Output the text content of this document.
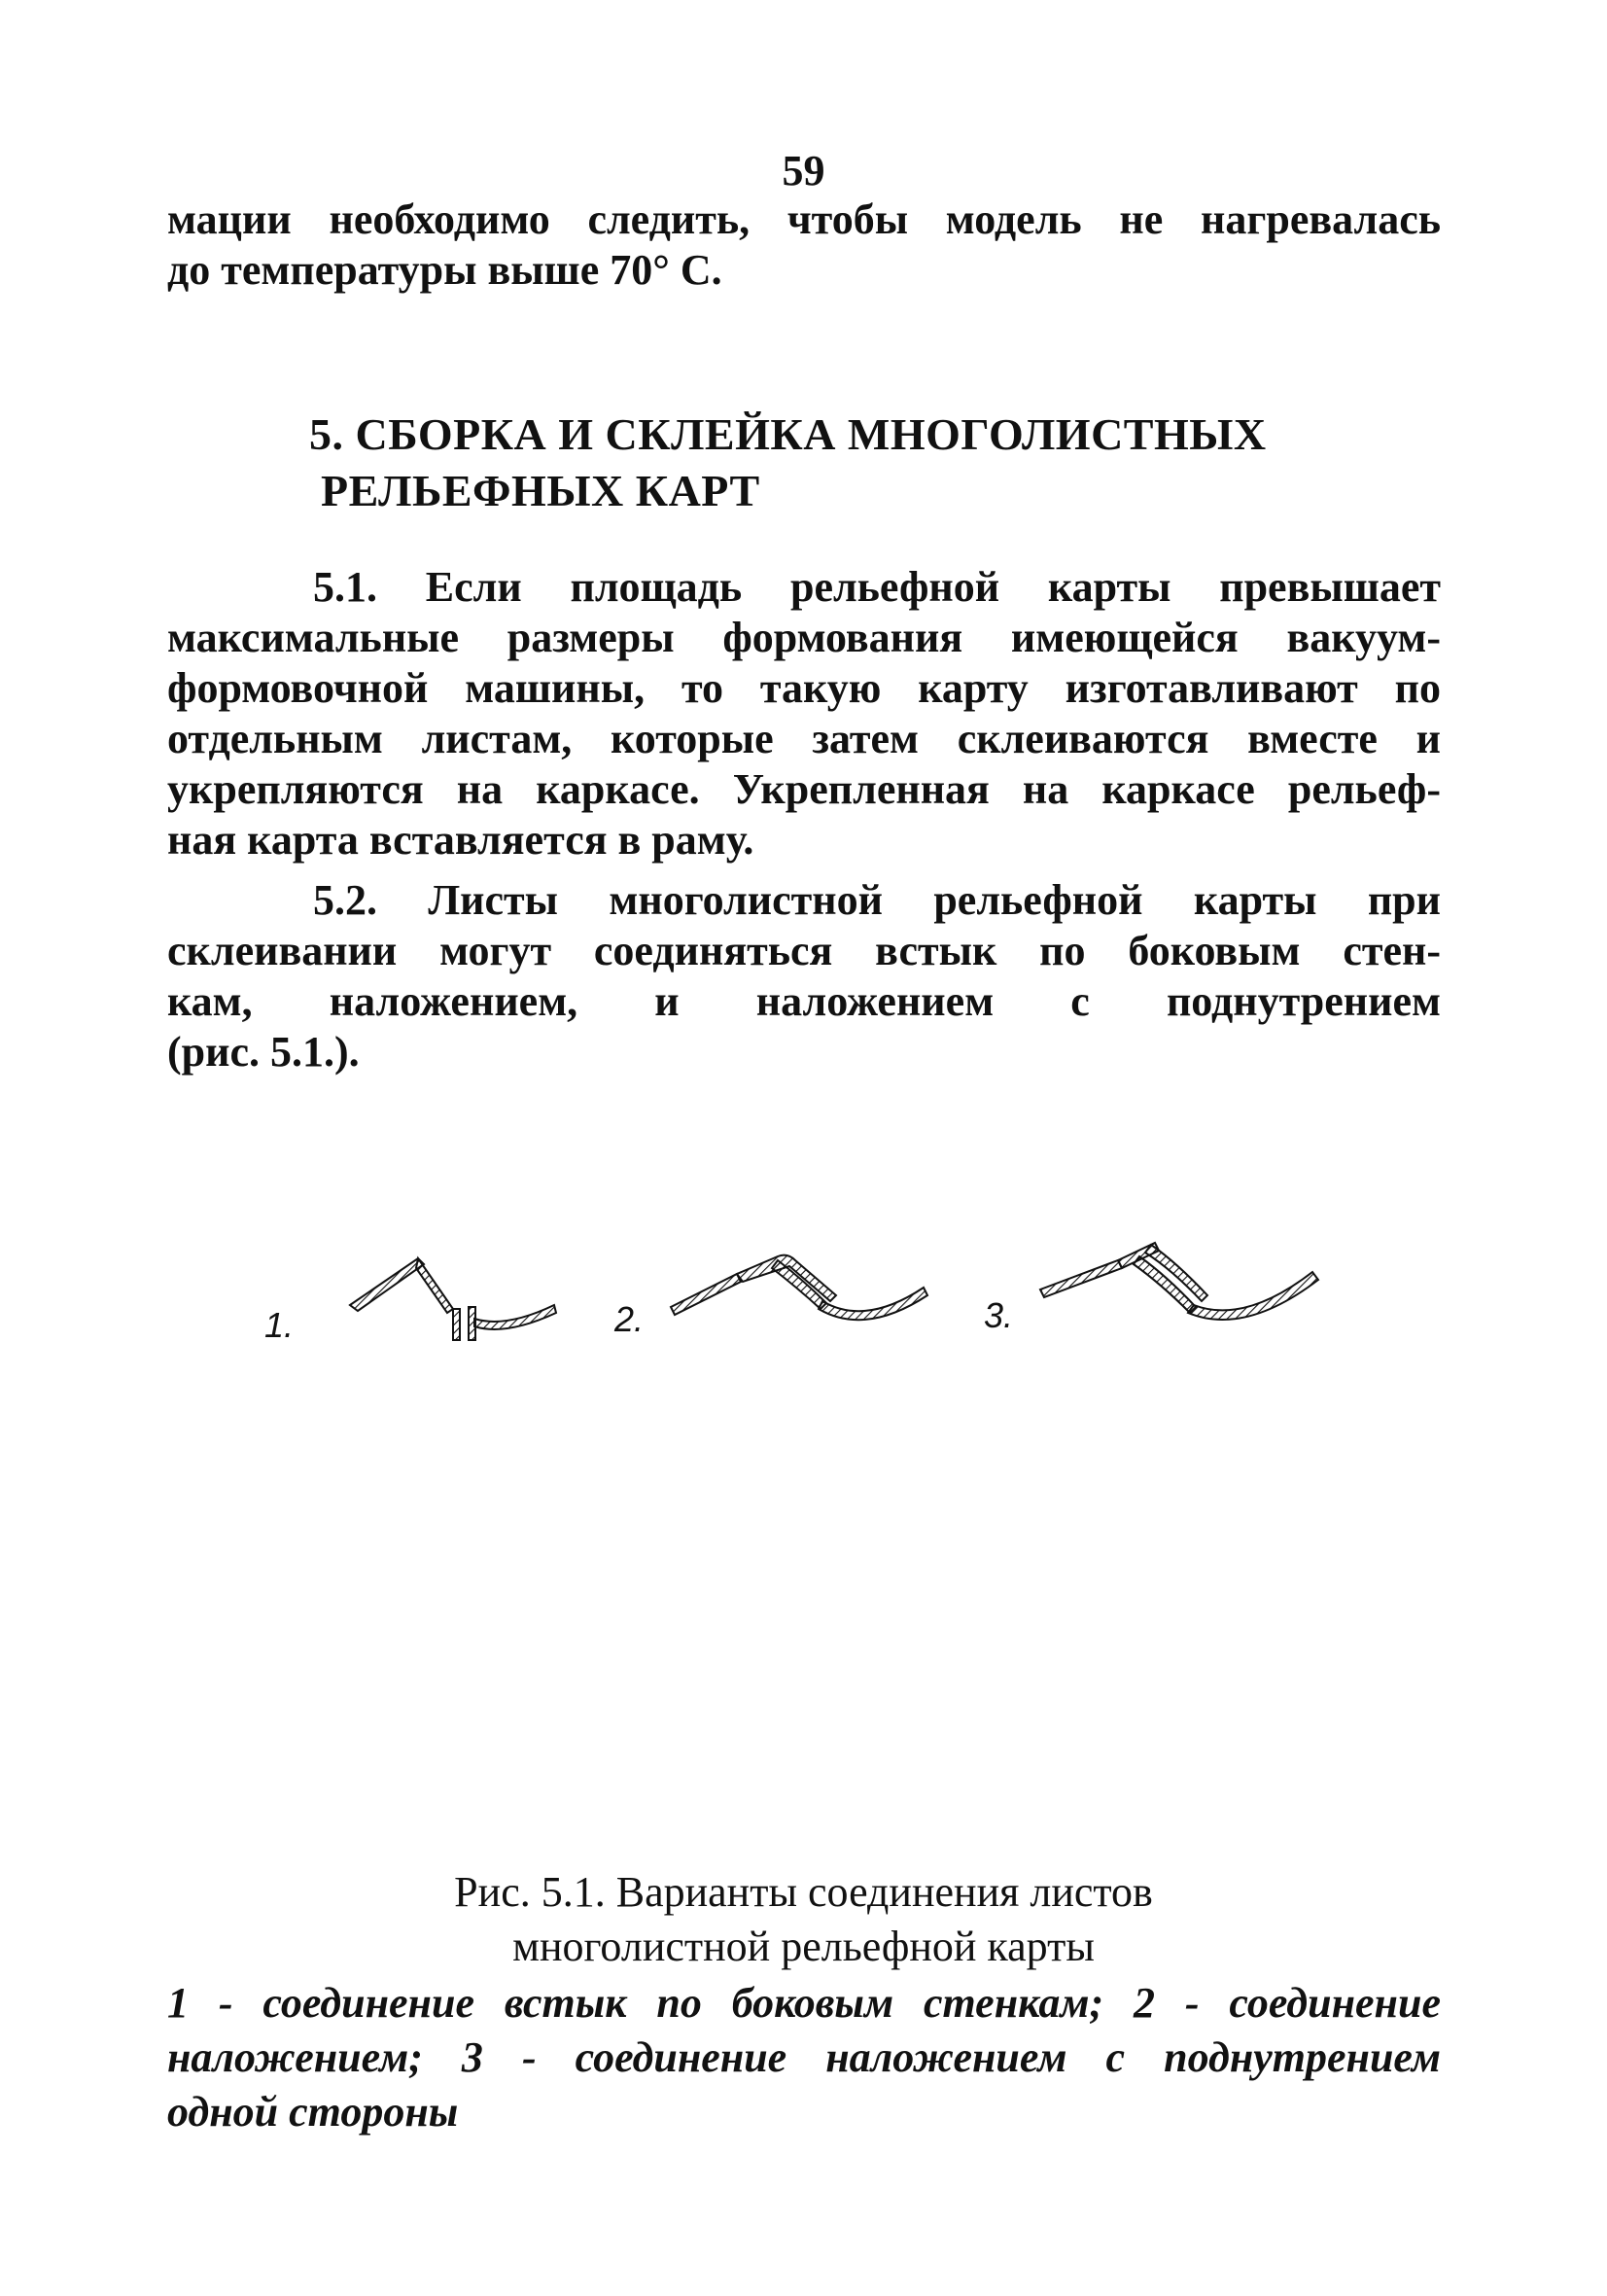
59
мации необходимо следить, чтобы модель не нагревалась
до температуры выше 70° С.
5. СБОРКА И СКЛЕЙКА МНОГОЛИСТНЫХ
РЕЛЬЕФНЫХ КАРТ
5.1. Если площадь рельефной карты превышает
максимальные размеры формования имеющейся вакуум-
формовочной машины, то такую карту изготавливают по
отдельным листам, которые затем склеиваются вместе и
укрепляются на каркасе. Укрепленная на каркасе рельеф-
ная карта вставляется в раму.
5.2. Листы многолистной рельефной карты при
склеивании могут соединяться встык по боковым стен-
кам, наложением, и наложением с поднутрением
(рис. 5.1.).
1.	2.	3.
Рис. 5.1. Варианты соединения листов
многолистной рельефной карты
1 - соединение встык по боковым стенкам; 2 - соединение
наложением; 3 - соединение наложением с поднутрением
одной стороны
